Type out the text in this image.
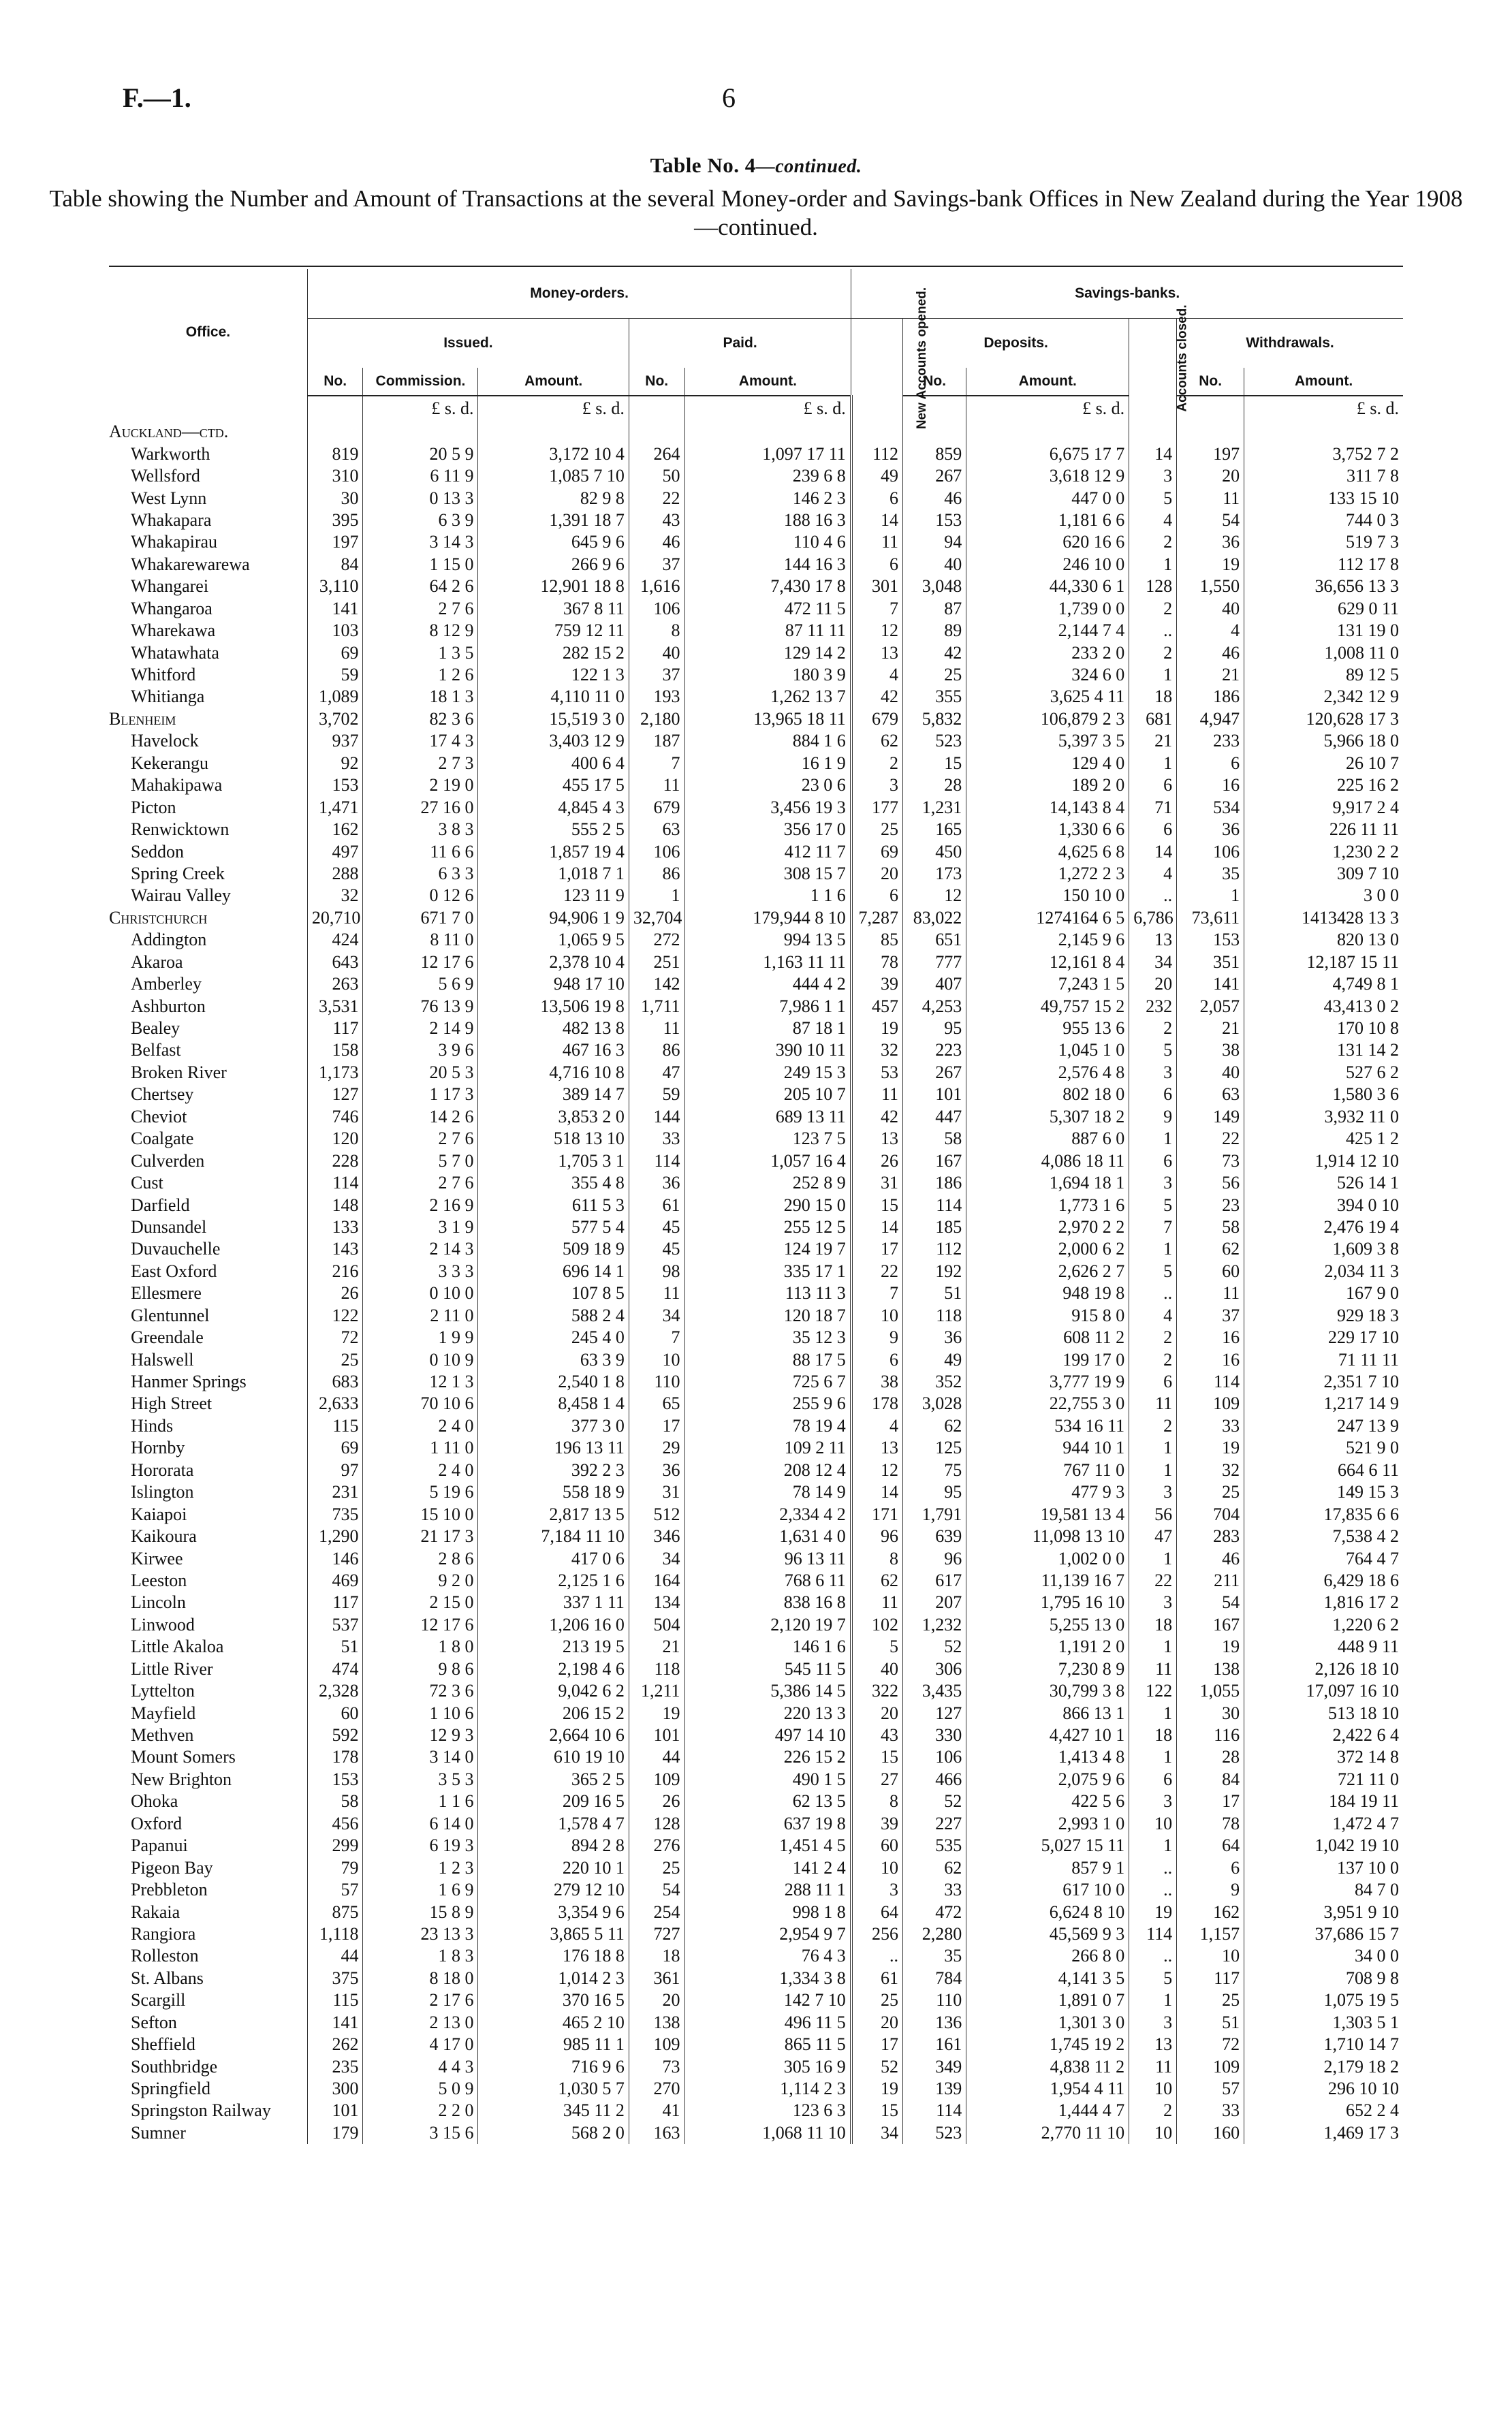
F.—1.	6
Table No. 4—continued.
Table showing the Number and Amount of Transactions at the several Money-order and Savings-bank Offices in New Zealand during the Year 1908—continued.
Office.	Money-orders.					Savings-banks.					
	Issued.			Paid.		New Accounts opened.	Deposits.		Accounts closed.	Withdrawals.	
	No.	Commission.	Amount.	No.	Amount.		No.	Amount.		No.	Amount.
		£ s. d.	£ s. d.		£ s. d.			£ s. d.			£ s. d.
Auckland—ctd.											
Warkworth	819	20 5 9	3,172 10 4	264	1,097 17 11	112	859	6,675 17 7	14	197	3,752 7 2
Wellsford	310	6 11 9	1,085 7 10	50	239 6 8	49	267	3,618 12 9	3	20	311 7 8
West Lynn	30	0 13 3	82 9 8	22	146 2 3	6	46	447 0 0	5	11	133 15 10
Whakapara	395	6 3 9	1,391 18 7	43	188 16 3	14	153	1,181 6 6	4	54	744 0 3
Whakapirau	197	3 14 3	645 9 6	46	110 4 6	11	94	620 16 6	2	36	519 7 3
Whakarewarewa	84	1 15 0	266 9 6	37	144 16 3	6	40	246 10 0	1	19	112 17 8
Whangarei	3,110	64 2 6	12,901 18 8	1,616	7,430 17 8	301	3,048	44,330 6 1	128	1,550	36,656 13 3
Whangaroa	141	2 7 6	367 8 11	106	472 11 5	7	87	1,739 0 0	2	40	629 0 11
Wharekawa	103	8 12 9	759 12 11	8	87 11 11	12	89	2,144 7 4	..	4	131 19 0
Whatawhata	69	1 3 5	282 15 2	40	129 14 2	13	42	233 2 0	2	46	1,008 11 0
Whitford	59	1 2 6	122 1 3	37	180 3 9	4	25	324 6 0	1	21	89 12 5
Whitianga	1,089	18 1 3	4,110 11 0	193	1,262 13 7	42	355	3,625 4 11	18	186	2,342 12 9
Blenheim	3,702	82 3 6	15,519 3 0	2,180	13,965 18 11	679	5,832	106,879 2 3	681	4,947	120,628 17 3
Havelock	937	17 4 3	3,403 12 9	187	884 1 6	62	523	5,397 3 5	21	233	5,966 18 0
Kekerangu	92	2 7 3	400 6 4	7	16 1 9	2	15	129 4 0	1	6	26 10 7
Mahakipawa	153	2 19 0	455 17 5	11	23 0 6	3	28	189 2 0	6	16	225 16 2
Picton	1,471	27 16 0	4,845 4 3	679	3,456 19 3	177	1,231	14,143 8 4	71	534	9,917 2 4
Renwicktown	162	3 8 3	555 2 5	63	356 17 0	25	165	1,330 6 6	6	36	226 11 11
Seddon	497	11 6 6	1,857 19 4	106	412 11 7	69	450	4,625 6 8	14	106	1,230 2 2
Spring Creek	288	6 3 3	1,018 7 1	86	308 15 7	20	173	1,272 2 3	4	35	309 7 10
Wairau Valley	32	0 12 6	123 11 9	1	1 1 6	6	12	150 10 0	..	1	3 0 0
Christchurch	20,710	671 7 0	94,906 1 9	32,704	179,944 8 10	7,287	83,022	1274164 6 5	6,786	73,611	1413428 13 3
Addington	424	8 11 0	1,065 9 5	272	994 13 5	85	651	2,145 9 6	13	153	820 13 0
Akaroa	643	12 17 6	2,378 10 4	251	1,163 11 11	78	777	12,161 8 4	34	351	12,187 15 11
Amberley	263	5 6 9	948 17 10	142	444 4 2	39	407	7,243 1 5	20	141	4,749 8 1
Ashburton	3,531	76 13 9	13,506 19 8	1,711	7,986 1 1	457	4,253	49,757 15 2	232	2,057	43,413 0 2
Bealey	117	2 14 9	482 13 8	11	87 18 1	19	95	955 13 6	2	21	170 10 8
Belfast	158	3 9 6	467 16 3	86	390 10 11	32	223	1,045 1 0	5	38	131 14 2
Broken River	1,173	20 5 3	4,716 10 8	47	249 15 3	53	267	2,576 4 8	3	40	527 6 2
Chertsey	127	1 17 3	389 14 7	59	205 10 7	11	101	802 18 0	6	63	1,580 3 6
Cheviot	746	14 2 6	3,853 2 0	144	689 13 11	42	447	5,307 18 2	9	149	3,932 11 0
Coalgate	120	2 7 6	518 13 10	33	123 7 5	13	58	887 6 0	1	22	425 1 2
Culverden	228	5 7 0	1,705 3 1	114	1,057 16 4	26	167	4,086 18 11	6	73	1,914 12 10
Cust	114	2 7 6	355 4 8	36	252 8 9	31	186	1,694 18 1	3	56	526 14 1
Darfield	148	2 16 9	611 5 3	61	290 15 0	15	114	1,773 1 6	5	23	394 0 10
Dunsandel	133	3 1 9	577 5 4	45	255 12 5	14	185	2,970 2 2	7	58	2,476 19 4
Duvauchelle	143	2 14 3	509 18 9	45	124 19 7	17	112	2,000 6 2	1	62	1,609 3 8
East Oxford	216	3 3 3	696 14 1	98	335 17 1	22	192	2,626 2 7	5	60	2,034 11 3
Ellesmere	26	0 10 0	107 8 5	11	113 11 3	7	51	948 19 8	..	11	167 9 0
Glentunnel	122	2 11 0	588 2 4	34	120 18 7	10	118	915 8 0	4	37	929 18 3
Greendale	72	1 9 9	245 4 0	7	35 12 3	9	36	608 11 2	2	16	229 17 10
Halswell	25	0 10 9	63 3 9	10	88 17 5	6	49	199 17 0	2	16	71 11 11
Hanmer Springs	683	12 1 3	2,540 1 8	110	725 6 7	38	352	3,777 19 9	6	114	2,351 7 10
High Street	2,633	70 10 6	8,458 1 4	65	255 9 6	178	3,028	22,755 3 0	11	109	1,217 14 9
Hinds	115	2 4 0	377 3 0	17	78 19 4	4	62	534 16 11	2	33	247 13 9
Hornby	69	1 11 0	196 13 11	29	109 2 11	13	125	944 10 1	1	19	521 9 0
Hororata	97	2 4 0	392 2 3	36	208 12 4	12	75	767 11 0	1	32	664 6 11
Islington	231	5 19 6	558 18 9	31	78 14 9	14	95	477 9 3	3	25	149 15 3
Kaiapoi	735	15 10 0	2,817 13 5	512	2,334 4 2	171	1,791	19,581 13 4	56	704	17,835 6 6
Kaikoura	1,290	21 17 3	7,184 11 10	346	1,631 4 0	96	639	11,098 13 10	47	283	7,538 4 2
Kirwee	146	2 8 6	417 0 6	34	96 13 11	8	96	1,002 0 0	1	46	764 4 7
Leeston	469	9 2 0	2,125 1 6	164	768 6 11	62	617	11,139 16 7	22	211	6,429 18 6
Lincoln	117	2 15 0	337 1 11	134	838 16 8	11	207	1,795 16 10	3	54	1,816 17 2
Linwood	537	12 17 6	1,206 16 0	504	2,120 19 7	102	1,232	5,255 13 0	18	167	1,220 6 2
Little Akaloa	51	1 8 0	213 19 5	21	146 1 6	5	52	1,191 2 0	1	19	448 9 11
Little River	474	9 8 6	2,198 4 6	118	545 11 5	40	306	7,230 8 9	11	138	2,126 18 10
Lyttelton	2,328	72 3 6	9,042 6 2	1,211	5,386 14 5	322	3,435	30,799 3 8	122	1,055	17,097 16 10
Mayfield	60	1 10 6	206 15 2	19	220 13 3	20	127	866 13 1	1	30	513 18 10
Methven	592	12 9 3	2,664 10 6	101	497 14 10	43	330	4,427 10 1	18	116	2,422 6 4
Mount Somers	178	3 14 0	610 19 10	44	226 15 2	15	106	1,413 4 8	1	28	372 14 8
New Brighton	153	3 5 3	365 2 5	109	490 1 5	27	466	2,075 9 6	6	84	721 11 0
Ohoka	58	1 1 6	209 16 5	26	62 13 5	8	52	422 5 6	3	17	184 19 11
Oxford	456	6 14 0	1,578 4 7	128	637 19 8	39	227	2,993 1 0	10	78	1,472 4 7
Papanui	299	6 19 3	894 2 8	276	1,451 4 5	60	535	5,027 15 11	1	64	1,042 19 10
Pigeon Bay	79	1 2 3	220 10 1	25	141 2 4	10	62	857 9 1	..	6	137 10 0
Prebbleton	57	1 6 9	279 12 10	54	288 11 1	3	33	617 10 0	..	9	84 7 0
Rakaia	875	15 8 9	3,354 9 6	254	998 1 8	64	472	6,624 8 10	19	162	3,951 9 10
Rangiora	1,118	23 13 3	3,865 5 11	727	2,954 9 7	256	2,280	45,569 9 3	114	1,157	37,686 15 7
Rolleston	44	1 8 3	176 18 8	18	76 4 3	..	35	266 8 0	..	10	34 0 0
St. Albans	375	8 18 0	1,014 2 3	361	1,334 3 8	61	784	4,141 3 5	5	117	708 9 8
Scargill	115	2 17 6	370 16 5	20	142 7 10	25	110	1,891 0 7	1	25	1,075 19 5
Sefton	141	2 13 0	465 2 10	138	496 11 5	20	136	1,301 3 0	3	51	1,303 5 1
Sheffield	262	4 17 0	985 11 1	109	865 11 5	17	161	1,745 19 2	13	72	1,710 14 7
Southbridge	235	4 4 3	716 9 6	73	305 16 9	52	349	4,838 11 2	11	109	2,179 18 2
Springfield	300	5 0 9	1,030 5 7	270	1,114 2 3	19	139	1,954 4 11	10	57	296 10 10
Springston Railway	101	2 2 0	345 11 2	41	123 6 3	15	114	1,444 4 7	2	33	652 2 4
Sumner	179	3 15 6	568 2 0	163	1,068 11 10	34	523	2,770 11 10	10	160	1,469 17 3
